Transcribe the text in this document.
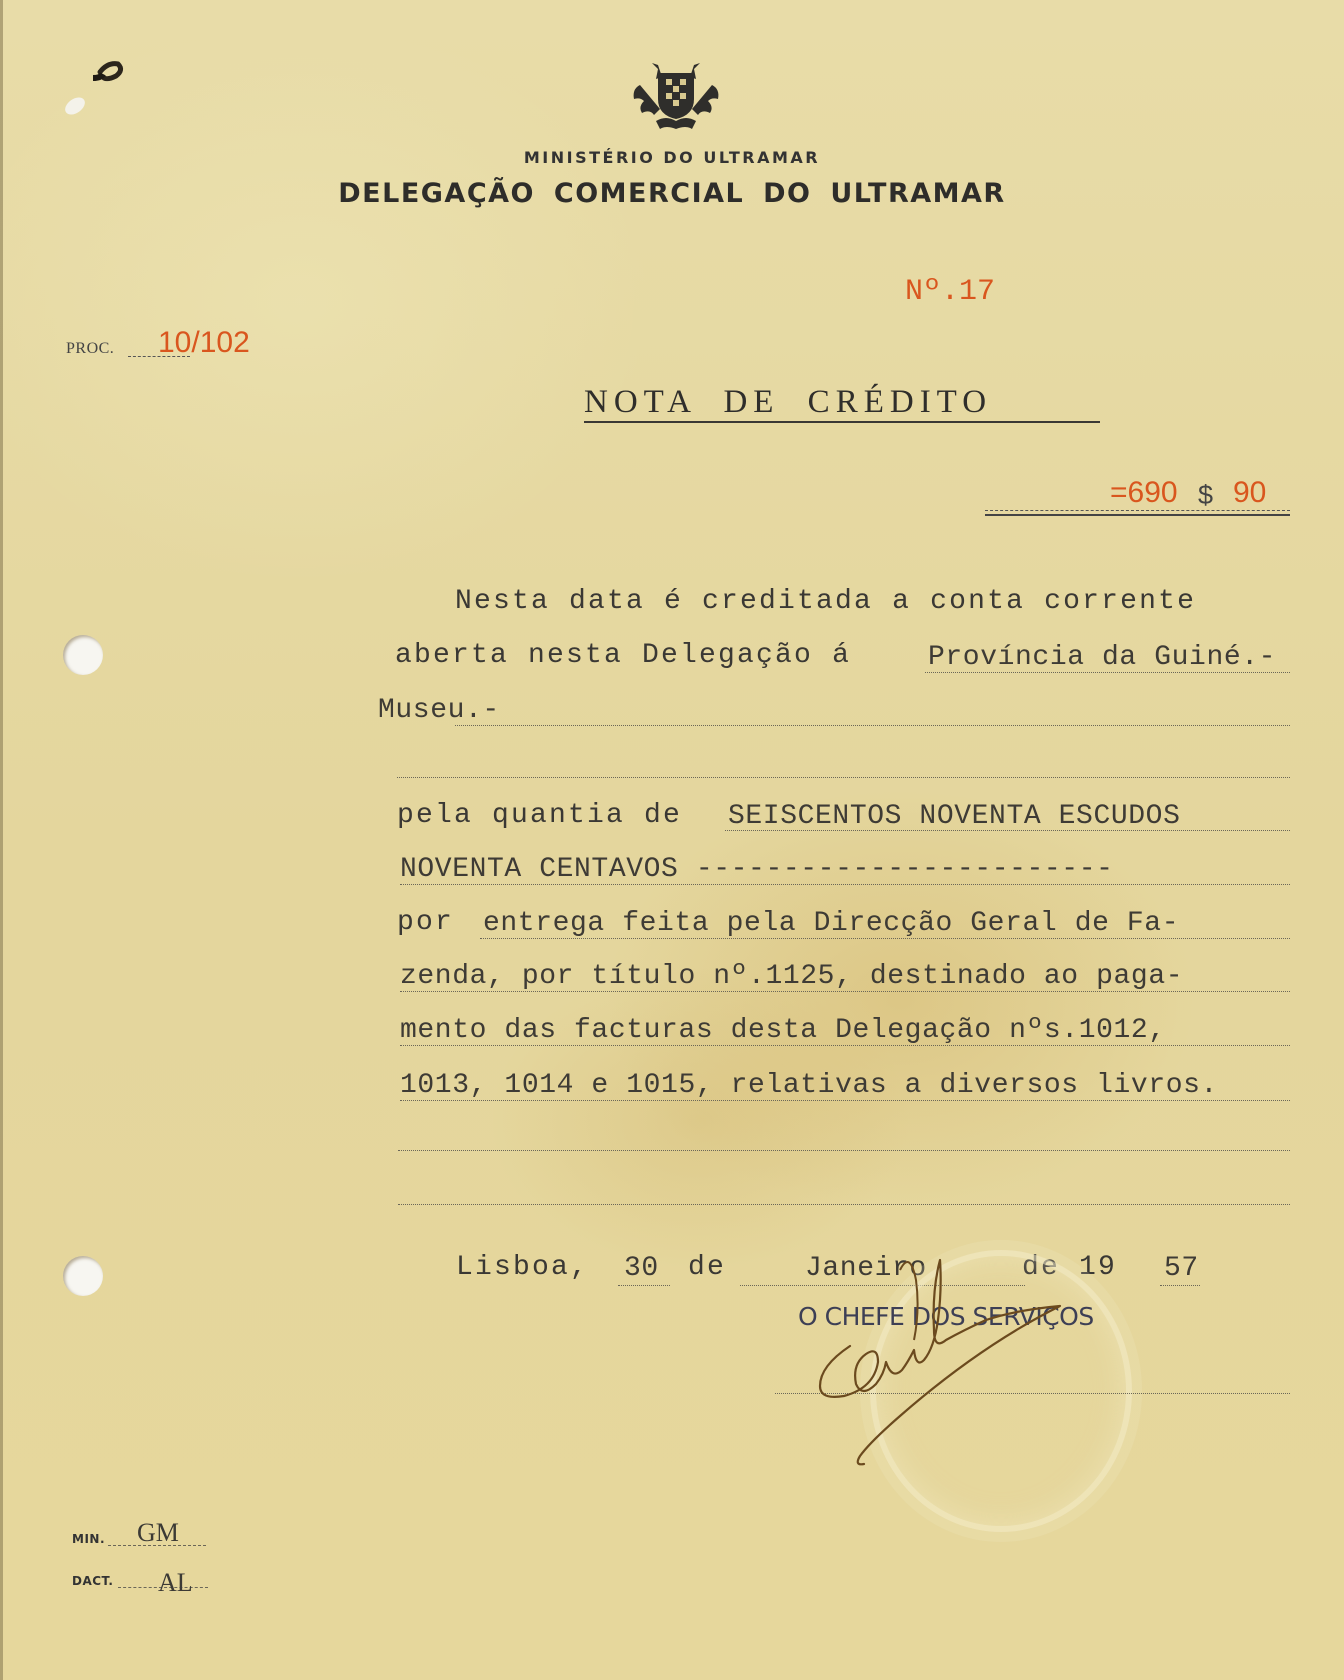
MINISTÉRIO DO ULTRAMAR
DELEGAÇÃO COMERCIAL DO ULTRAMAR
Nº.17
PROC. 10/102
NOTA DE CRÉDITO
=690 $ 90
Nesta data é creditada a conta corrente
aberta nesta Delegação á	Província da Guiné.-
Museu.-
pela quantia de SEISCENTOS NOVENTA ESCUDOS
NOVENTA CENTAVOS ------------------------
por entrega feita pela Direcção Geral de Fa-
zenda, por título nº.1125, destinado ao paga-
mento das facturas desta Delegação nºs.1012,
1013, 1014 e 1015, relativas a diversos livros.
Lisboa, 30 de	Janeiro	de 19 57
O CHEFE DOS SERVIÇOS
MIN. GM
DACT. AL
